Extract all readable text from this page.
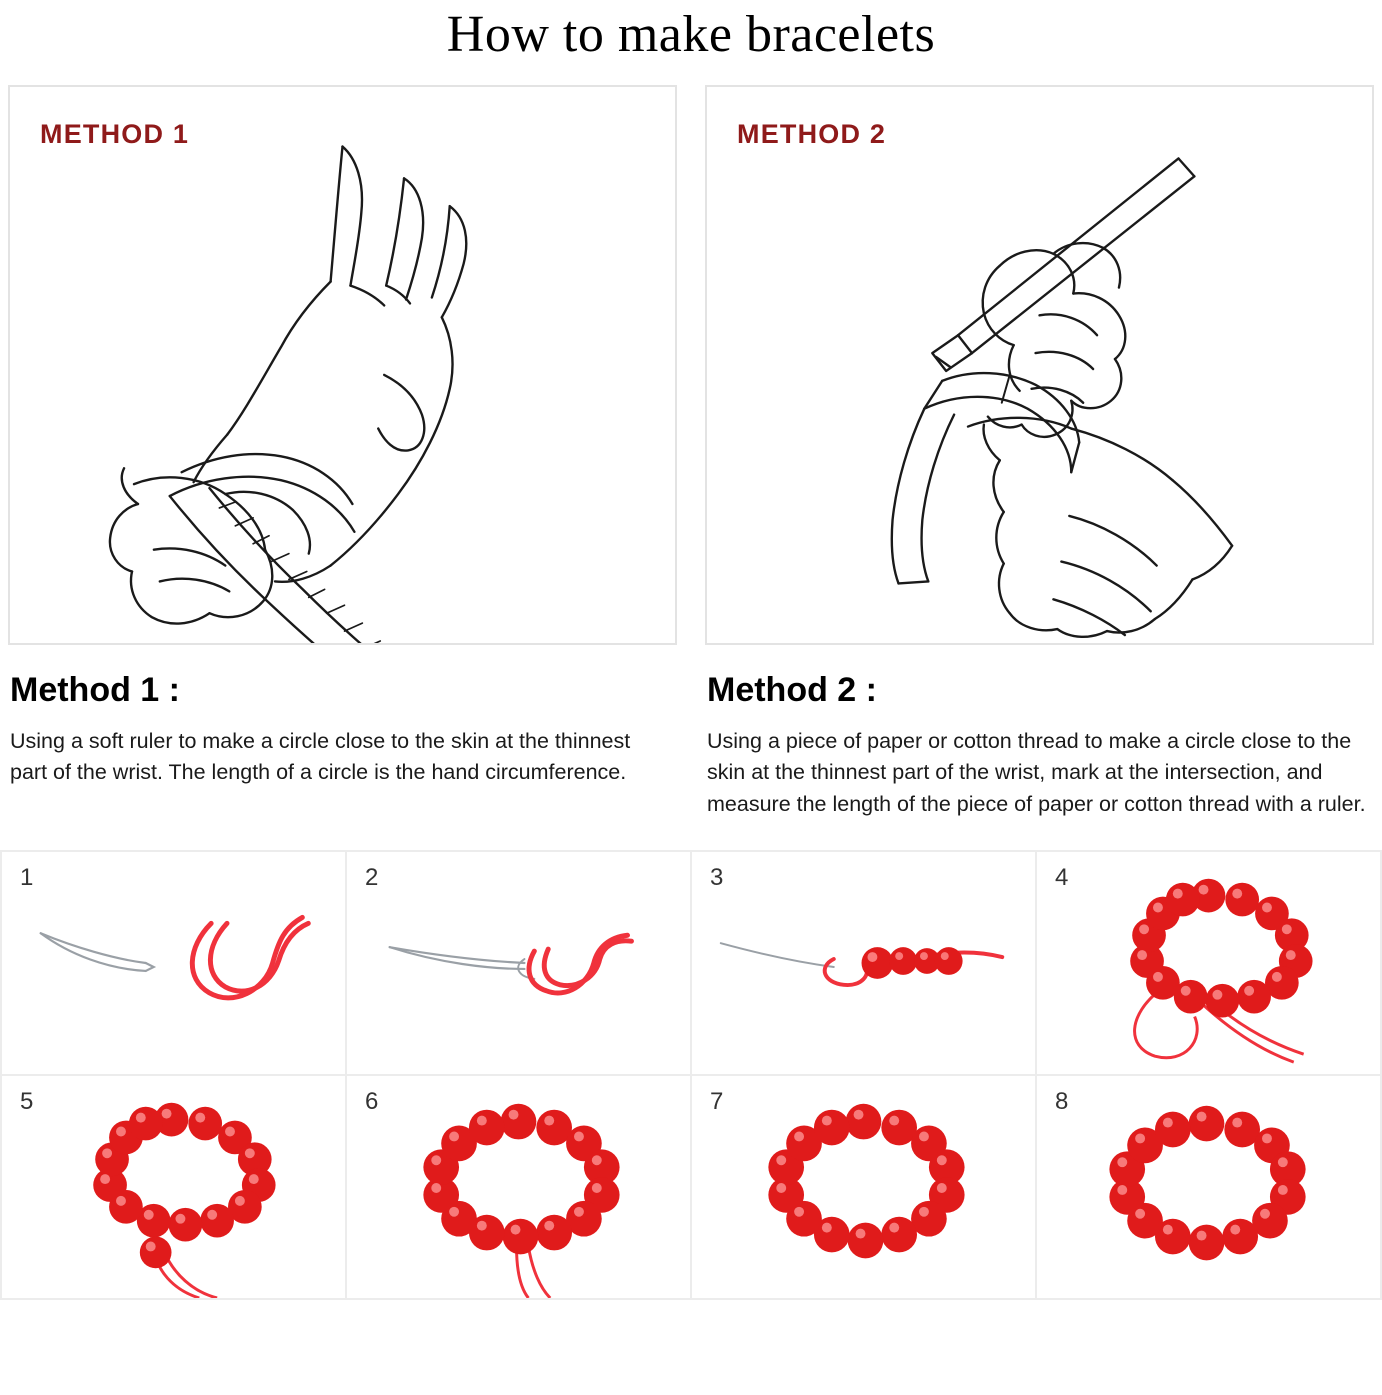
How to make bracelets
METHOD 1
Method 1 :
Using a soft ruler to make a circle close to the skin at the thinnest part of the wrist. The length of a circle is the hand circumference.
METHOD 2
Method 2 :
Using a piece of paper or cotton thread to make a circle close to the skin at the thinnest part of the wrist, mark at the intersection, and measure the length of the piece of paper or cotton thread with a ruler.
1	2	3	4
5	6	7	8
